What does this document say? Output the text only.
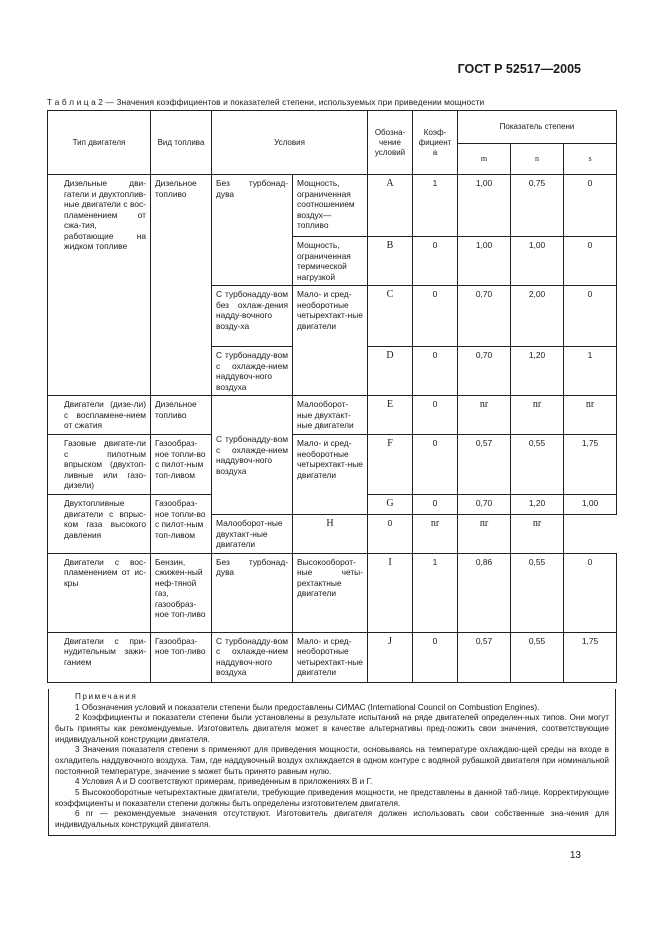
ГОСТ Р 52517—2005
Т а б л и ц а 2 — Значения коэффициентов и показателей степени, используемых при приведении мощности
Тип двигателя	Вид топлива	Условия		Обозна-чение условий	Коэф-фициент a	Показатель степени		
						m	n	s
Дизельные дви-гатели и двухтоплив-ные двигатели с вос-пламенением от сжа-тия, работающие на жидком топливе	Дизельное топливо	Без турбонад-дува	Мощность, ограниченная соотношением воздух— топливо	A	1	1,00	0,75	0
			Мощность, ограниченная термической нагрузкой	B	0	1,00	1,00	0
		С турбонадду-вом без охлаж-дения надду-вочного возду-ха	Мало- и сред-необоротные четырехтакт-ные двигатели	C	0	0,70	2,00	0
		С турбонадду-вом с охлажде-нием наддувоч-ного воздуха		D	0	0,70	1,20	1
Двигатели (дизе-ли) с воспламене-нием от сжатия	Дизельное топливо	С турбонадду-вом с охлажде-нием наддувоч-ного воздуха	Малооборот-ные двухтакт-ные двигатели	E	0	nr	nr	nr
Газовые двигате-ли с пилотным впрыском (двухтоп-ливные или газо-дизели)	Газообраз-ное топли-во с пилот-ным топ-ливом		Мало- и сред-необоротные четырехтакт-ные двигатели	F	0	0,57	0,55	1,75
Двухтопливные двигатели с впрыс-ком газа высокого давления	Газообраз-ное топли-во с пилот-ным топ-ливом			G	0	0,70	1,20	1,00
		Малооборот-ные двухтакт-ные двигатели	H	0	nr	nr	nr	
Двигатели с вос-пламенением от ис-кры	Бензин, сжижен-ный неф-тяной газ, газообраз-ное топ-ливо	Без турбонад-дува	Высокооборот-ные четы-рехтактные двигатели	I	1	0,86	0,55	0
Двигатели с при-нудительным зажи-ганием	Газообраз-ное топ-ливо	С турбонадду-вом с охлажде-нием наддувоч-ного воздуха	Мало- и сред-необоротные четырехтакт-ные двигатели	J	0	0,57	0,55	1,75

Примечания

1 Обозначения условий и показатели степени были предоставлены СИМАС (International Council on Combustion Engines).

2 Коэффициенты и показатели степени были установлены в результате испытаний на ряде двигателей определен-ных типов. Они могут быть приняты как рекомендуемые. Изготовитель двигателя может в качестве альтернативы пред-ложить свои значения, соответствующие индивидуальной конструкции двигателя.

3 Значения показателя степени s применяют для приведения мощности, основываясь на температуре охлаждаю-щей среды на входе в охладитель наддувочного воздуха. Там, где наддувочный воздух охлаждается в одном контуре с водяной рубашкой двигателя при номинальной постоянной температуре, значение s может быть принято равным нулю.

4 Условия A и D соответствуют примерам, приведенным в приложениях В и Г.

5 Высокооборотные четырехтактные двигатели, требующие приведения мощности, не представлены в данной таб-лице. Корректирующие коэффициенты и показатели степени должны быть определены изготовителем двигателя.

6 nr — рекомендуемые значения отсутствуют. Изготовитель двигателя должен использовать свои собственные зна-чения для индивидуальных конструкций двигателя.

13
